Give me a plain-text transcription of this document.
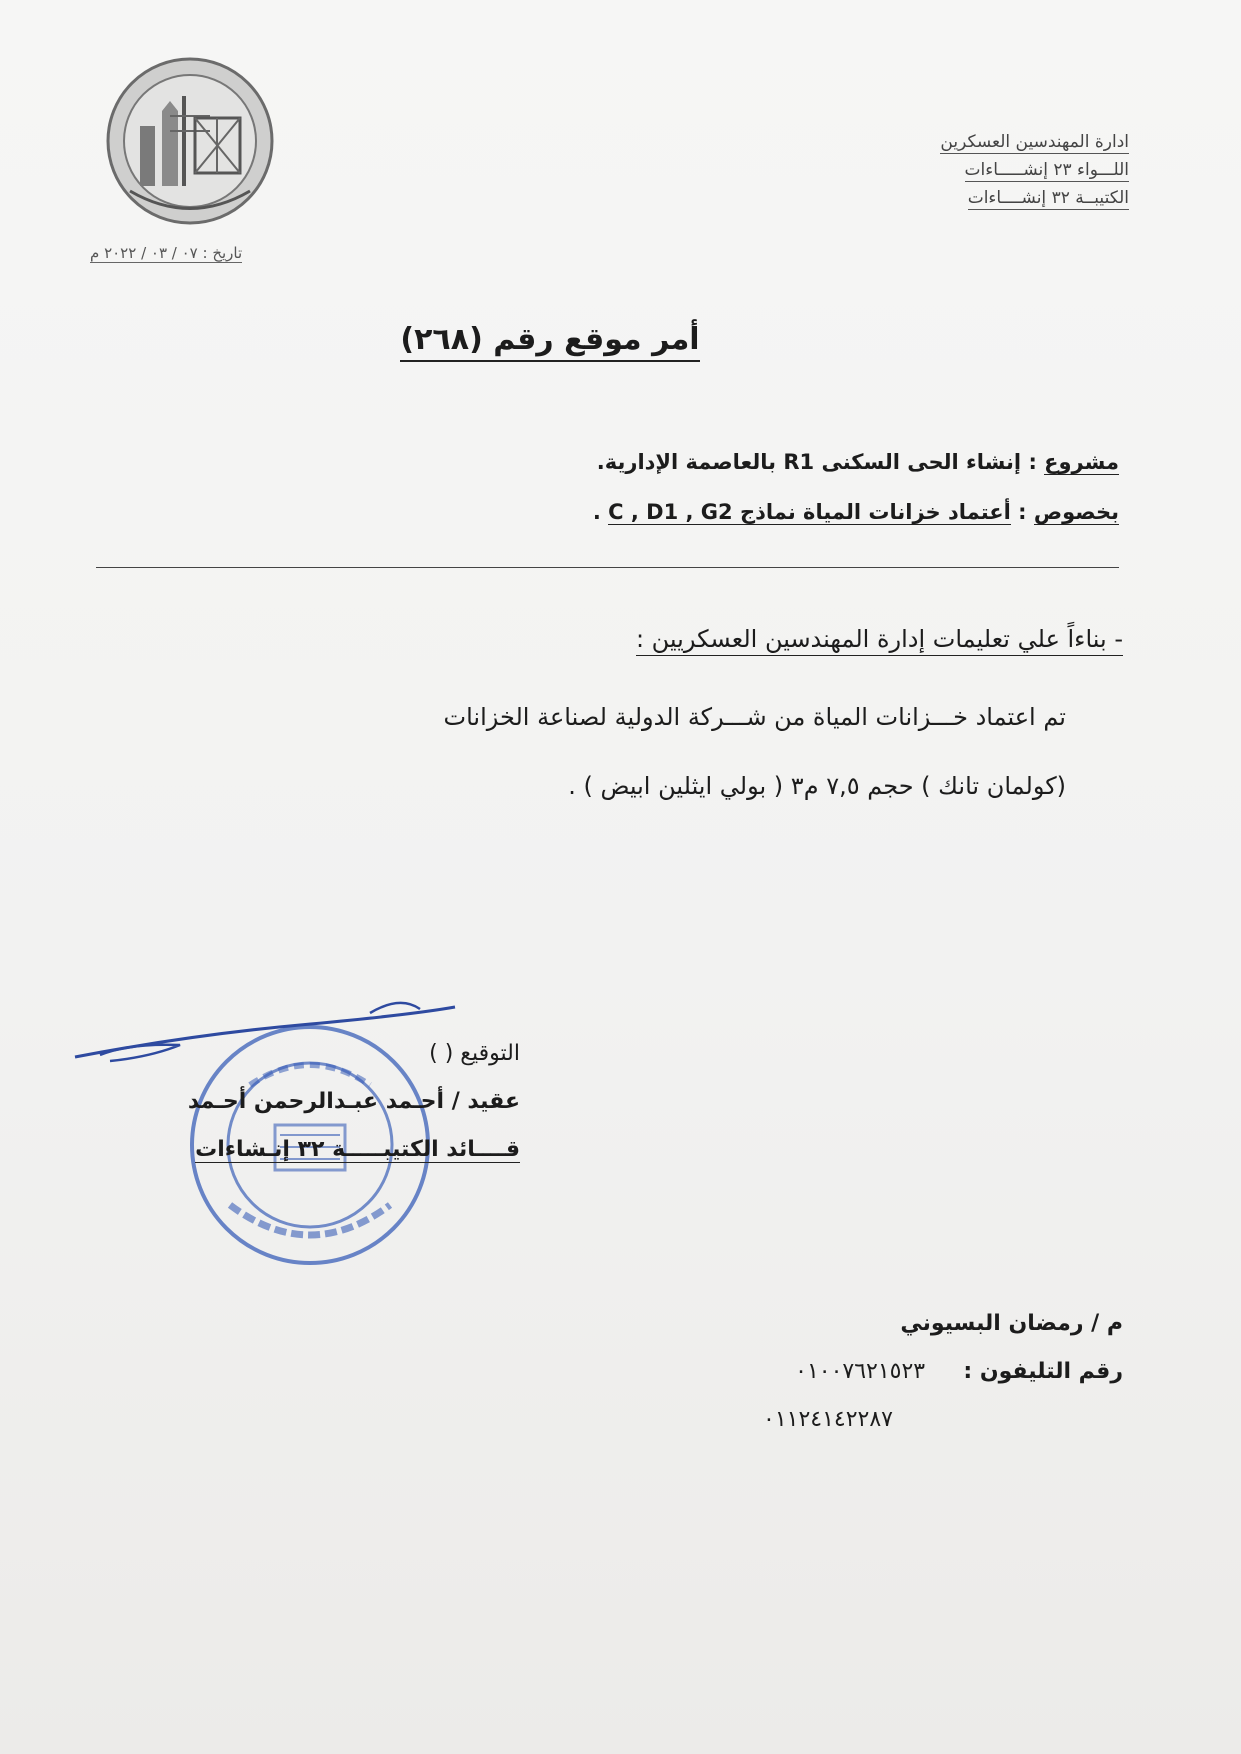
تاريخ : ٠٧ / ٠٣ / ٢٠٢٢ م
ادارة المهندسين العسكرين
اللـــواء ٢٣ إنشـــــاءات
الكتيبــة ٣٢ إنشــــاءات
أمر موقع رقم (٢٦٨)
مشروع : إنشاء الحى السكنى R1 بالعاصمة الإدارية.
بخصوص : أعتماد خزانات المياة نماذج C , D1 , G2 .
- بناءاً علي تعليمات إدارة المهندسين العسكريين :
تم اعتماد خـــزانات المياة من شـــركة الدولية لصناعة الخزانات
(كولمان تانك ) حجم ٧,٥ م٣ ( بولي ايثلين ابيض ) .
التوقيع ( )
عقيد / أحـمد عبـدالرحمن أحـمد
قــــائد الكتيبـــــة ٣٢ إنـشاءات
م / رمضان البسيوني
رقم التليفون :     ٠١٠٠٧٦٢١٥٢٣
٠١١٢٤١٤٢٢٨٧
